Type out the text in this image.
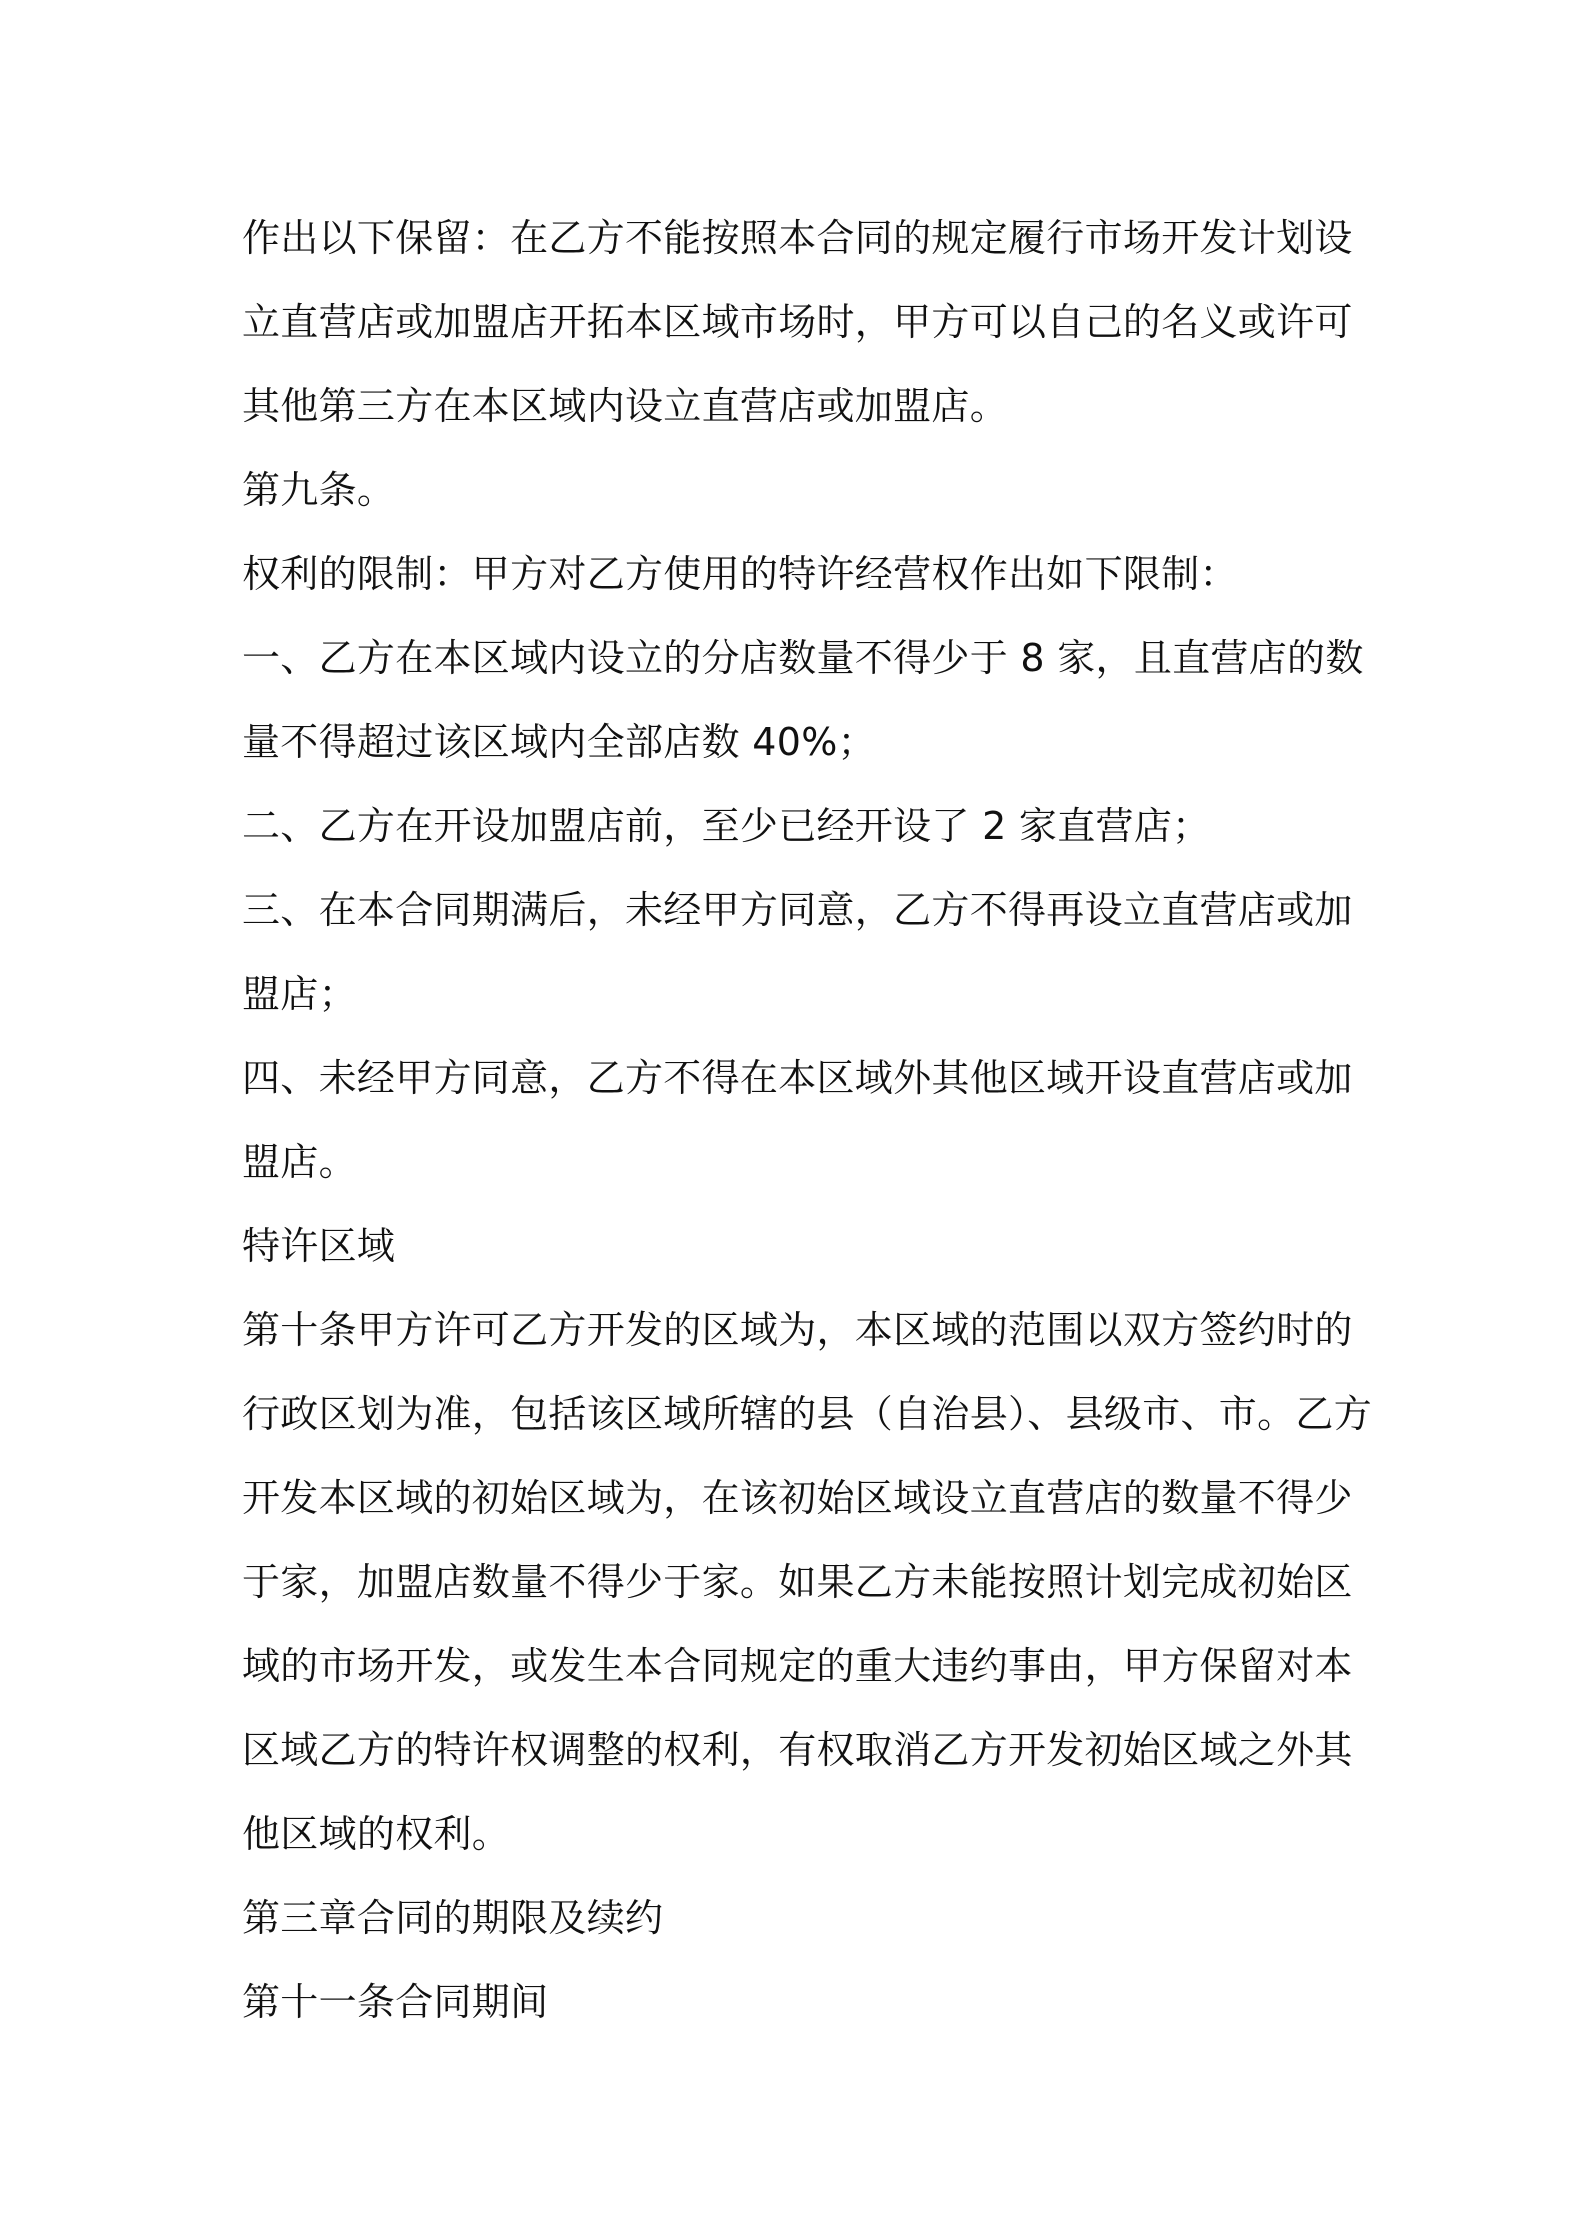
作出以下保留：在乙方不能按照本合同的规定履行市场开发计划设
立直营店或加盟店开拓本区域市场时，甲方可以自己的名义或许可
其他第三方在本区域内设立直营店或加盟店。
第九条。
权利的限制：甲方对乙方使用的特许经营权作出如下限制：
一、乙方在本区域内设立的分店数量不得少于 8 家，且直营店的数
量不得超过该区域内全部店数 40%；
二、乙方在开设加盟店前，至少已经开设了 2 家直营店；
三、在本合同期满后，未经甲方同意，乙方不得再设立直营店或加
盟店；
四、未经甲方同意，乙方不得在本区域外其他区域开设直营店或加
盟店。
特许区域
第十条甲方许可乙方开发的区域为，本区域的范围以双方签约时的
行政区划为准，包括该区域所辖的县（自治县）、县级市、市。乙方
开发本区域的初始区域为，在该初始区域设立直营店的数量不得少
于家，加盟店数量不得少于家。如果乙方未能按照计划完成初始区
域的市场开发，或发生本合同规定的重大违约事由，甲方保留对本
区域乙方的特许权调整的权利，有权取消乙方开发初始区域之外其
他区域的权利。
第三章合同的期限及续约
第十一条合同期间
